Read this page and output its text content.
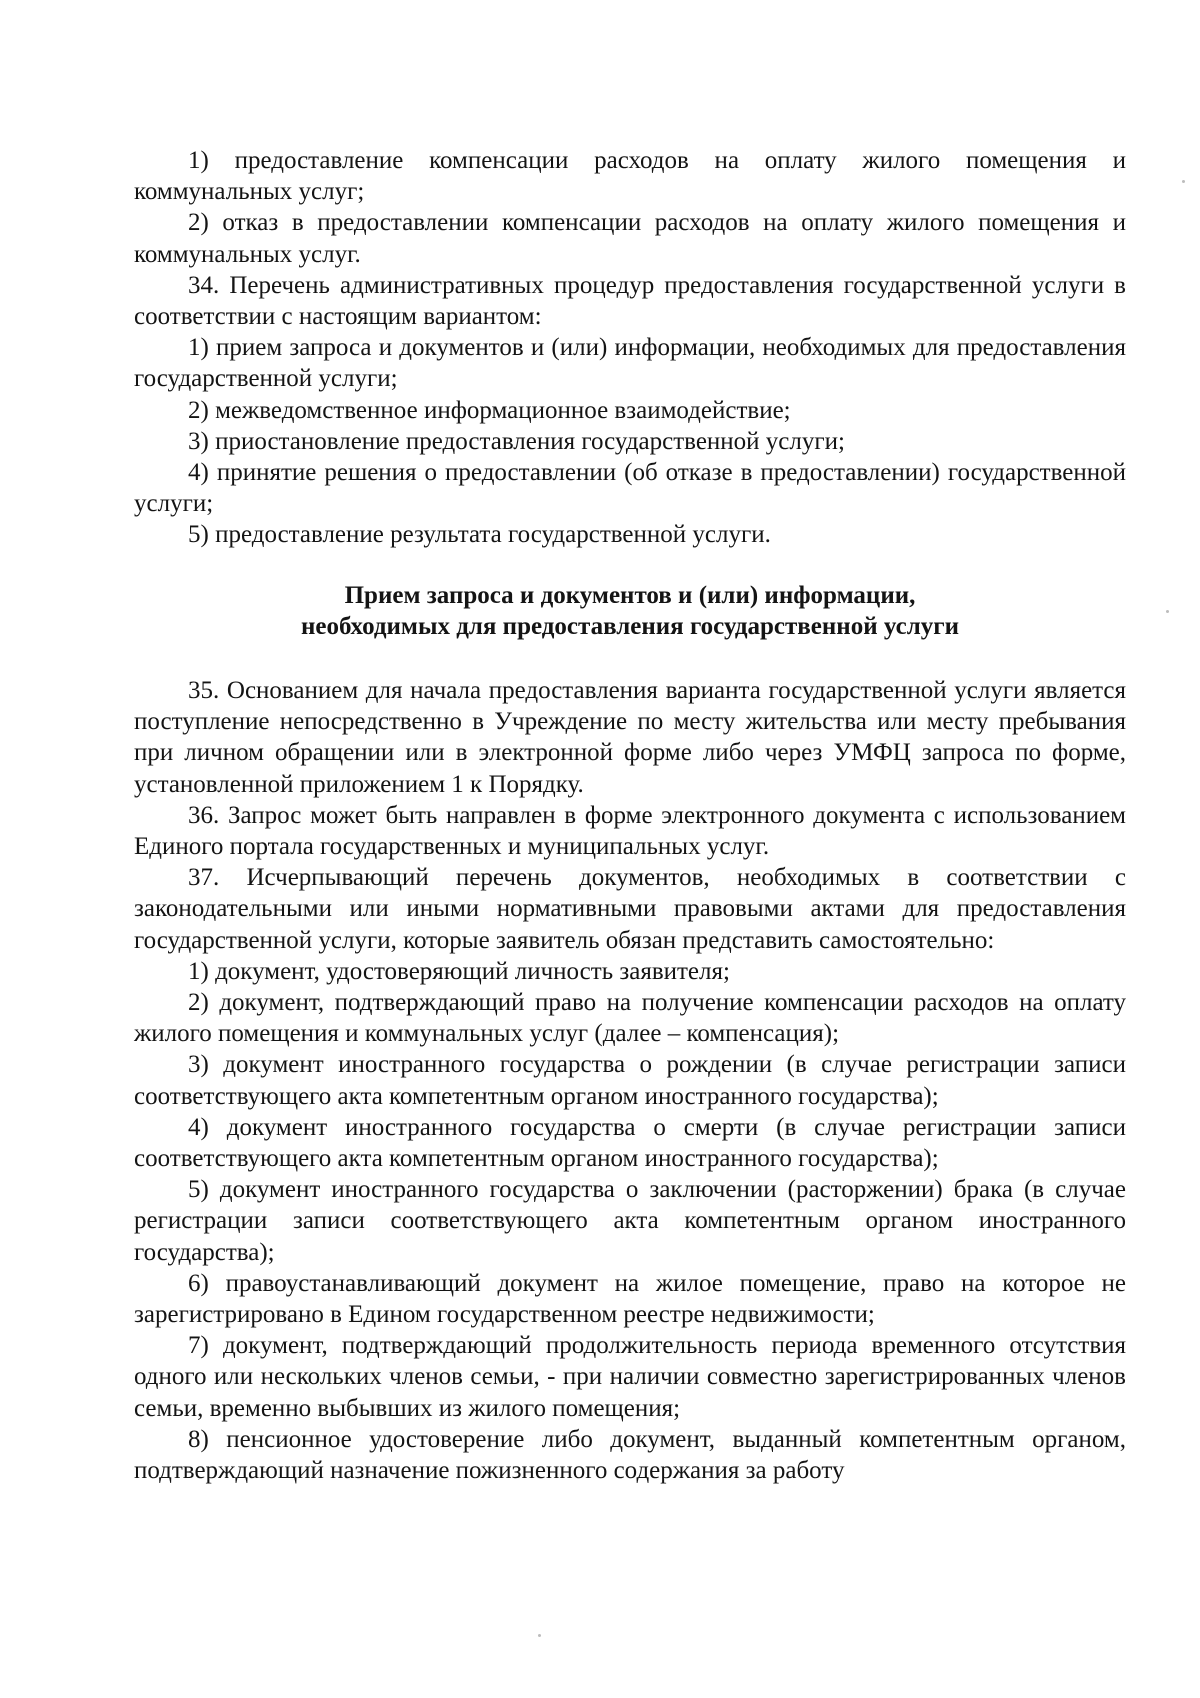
1) предоставление компенсации расходов на оплату жилого помещения и коммунальных услуг;

2) отказ в предоставлении компенсации расходов на оплату жилого помещения и коммунальных услуг.

34. Перечень административных процедур предоставления государственной услуги в соответствии с настоящим вариантом:

1) прием запроса и документов и (или) информации, необходимых для предоставления государственной услуги;

2) межведомственное информационное взаимодействие;

3) приостановление предоставления государственной услуги;

4) принятие решения о предоставлении (об отказе в предоставлении) государственной услуги;

5) предоставление результата государственной услуги.

Прием запроса и документов и (или) информации,
необходимых для предоставления государственной услуги

35. Основанием для начала предоставления варианта государственной услуги является поступление непосредственно в Учреждение по месту жительства или месту пребывания при личном обращении или в электронной форме либо через УМФЦ запроса по форме, установленной приложением 1 к Порядку.

36. Запрос может быть направлен в форме электронного документа с использованием Единого портала государственных и муниципальных услуг.

37. Исчерпывающий перечень документов, необходимых в соответствии с законодательными или иными нормативными правовыми актами для предоставления государственной услуги, которые заявитель обязан представить самостоятельно:

1) документ, удостоверяющий личность заявителя;

2) документ, подтверждающий право на получение компенсации расходов на оплату жилого помещения и коммунальных услуг (далее – компенсация);

3) документ иностранного государства о рождении (в случае регистрации записи соответствующего акта компетентным органом иностранного государства);

4) документ иностранного государства о смерти (в случае регистрации записи соответствующего акта компетентным органом иностранного государства);

5) документ иностранного государства о заключении (расторжении) брака (в случае регистрации записи соответствующего акта компетентным органом иностранного государства);

6) правоустанавливающий документ на жилое помещение, право на которое не зарегистрировано в Едином государственном реестре недвижимости;

7) документ, подтверждающий продолжительность периода временного отсутствия одного или нескольких членов семьи, - при наличии совместно зарегистрированных членов семьи, временно выбывших из жилого помещения;

8) пенсионное удостоверение либо документ, выданный компетентным органом, подтверждающий назначение пожизненного содержания за работу
